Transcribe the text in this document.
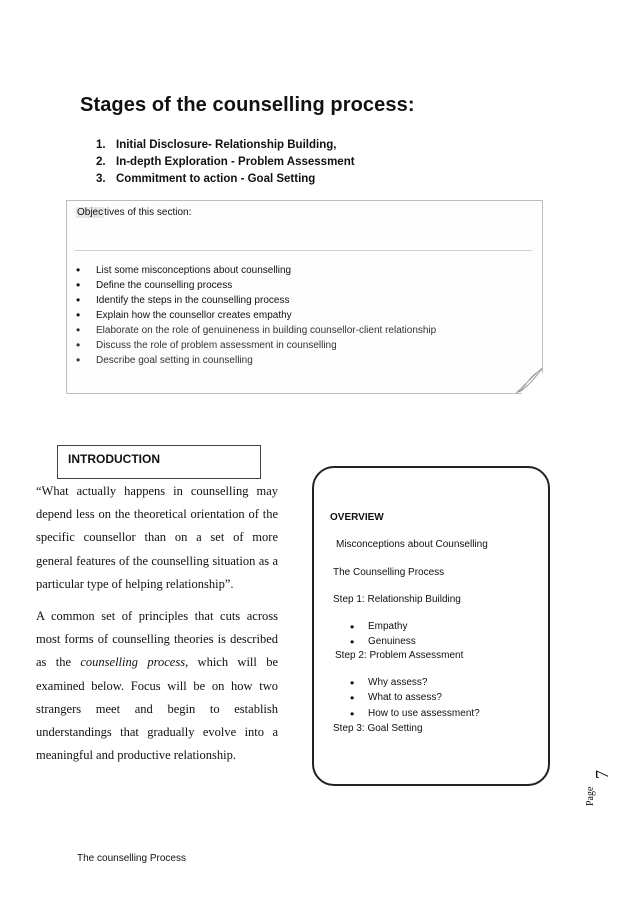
Stages of the counselling process:
1. Initial Disclosure- Relationship Building,
2. In-depth Exploration - Problem Assessment
3. Commitment to action - Goal Setting
Objectives of this section:
• List some misconceptions about counselling
• Define the counselling process
• Identify the steps in the counselling process
• Explain how the counsellor creates empathy
• Elaborate on the role of genuineness in building counsellor-client relationship
• Discuss the role of problem assessment in counselling
• Describe goal setting in counselling
INTRODUCTION

“What actually happens in counselling may depend less on the theoretical orientation of the specific counsellor than on a set of more general features of the counselling situation as a particular type of helping relationship”.

A common set of principles that cuts across most forms of counselling theories is described as the counselling process, which will be examined below. Focus will be on how two strangers meet and begin to establish understandings that gradually evolve into a meaningful and productive relationship.

OVERVIEW
Misconceptions about Counselling
The Counselling Process
Step 1: Relationship Building
• Empathy
• Genuiness
Step 2: Problem Assessment
• Why assess?
• What to assess?
• How to use assessment?
Step 3: Goal Setting
Page
7
The counselling Process
